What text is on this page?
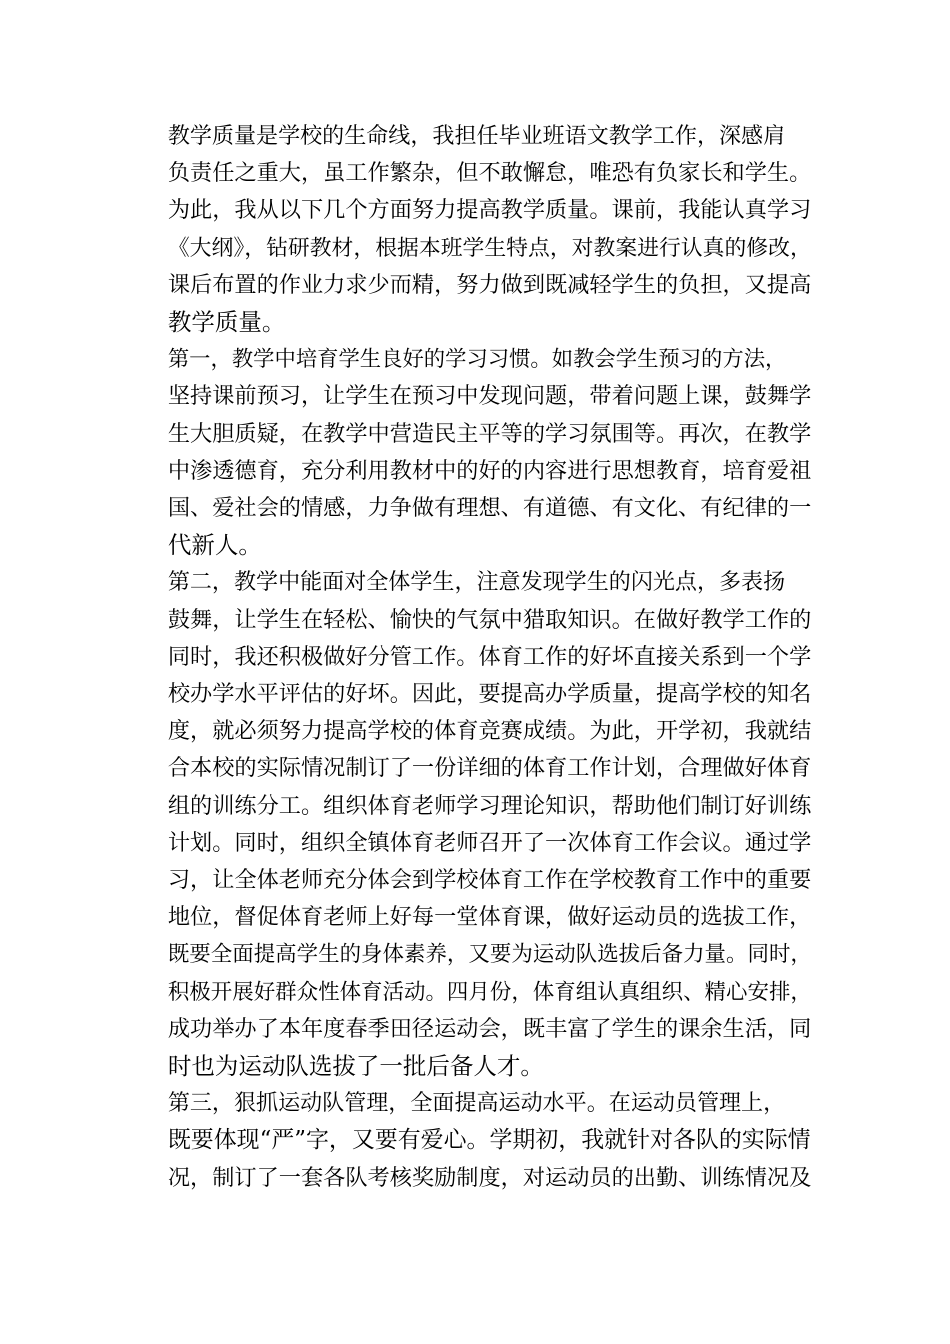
教学质量是学校的生命线，我担任毕业班语文教学工作，深感肩
负责任之重大，虽工作繁杂，但不敢懈怠，唯恐有负家长和学生。
为此，我从以下几个方面努力提高教学质量。课前，我能认真学习
《大纲》，钻研教材，根据本班学生特点，对教案进行认真的修改，
课后布置的作业力求少而精，努力做到既减轻学生的负担，又提高
教学质量。

第一，教学中培育学生良好的学习习惯。如教会学生预习的方法，
坚持课前预习，让学生在预习中发现问题，带着问题上课，鼓舞学
生大胆质疑，在教学中营造民主平等的学习氛围等。再次，在教学
中渗透德育，充分利用教材中的好的内容进行思想教育，培育爱祖
国、爱社会的情感，力争做有理想、有道德、有文化、有纪律的一
代新人。

第二，教学中能面对全体学生，注意发现学生的闪光点，多表扬
鼓舞，让学生在轻松、愉快的气氛中猎取知识。在做好教学工作的
同时，我还积极做好分管工作。体育工作的好坏直接关系到一个学
校办学水平评估的好坏。因此，要提高办学质量，提高学校的知名
度，就必须努力提高学校的体育竞赛成绩。为此，开学初，我就结
合本校的实际情况制订了一份详细的体育工作计划，合理做好体育
组的训练分工。组织体育老师学习理论知识，帮助他们制订好训练
计划。同时，组织全镇体育老师召开了一次体育工作会议。通过学
习，让全体老师充分体会到学校体育工作在学校教育工作中的重要
地位，督促体育老师上好每一堂体育课，做好运动员的选拔工作，
既要全面提高学生的身体素养，又要为运动队选拔后备力量。同时，
积极开展好群众性体育活动。四月份，体育组认真组织、精心安排，
成功举办了本年度春季田径运动会，既丰富了学生的课余生活，同
时也为运动队选拔了一批后备人才。

第三，狠抓运动队管理，全面提高运动水平。在运动员管理上，
既要体现“严”字，又要有爱心。学期初，我就针对各队的实际情
况，制订了一套各队考核奖励制度，对运动员的出勤、训练情况及
